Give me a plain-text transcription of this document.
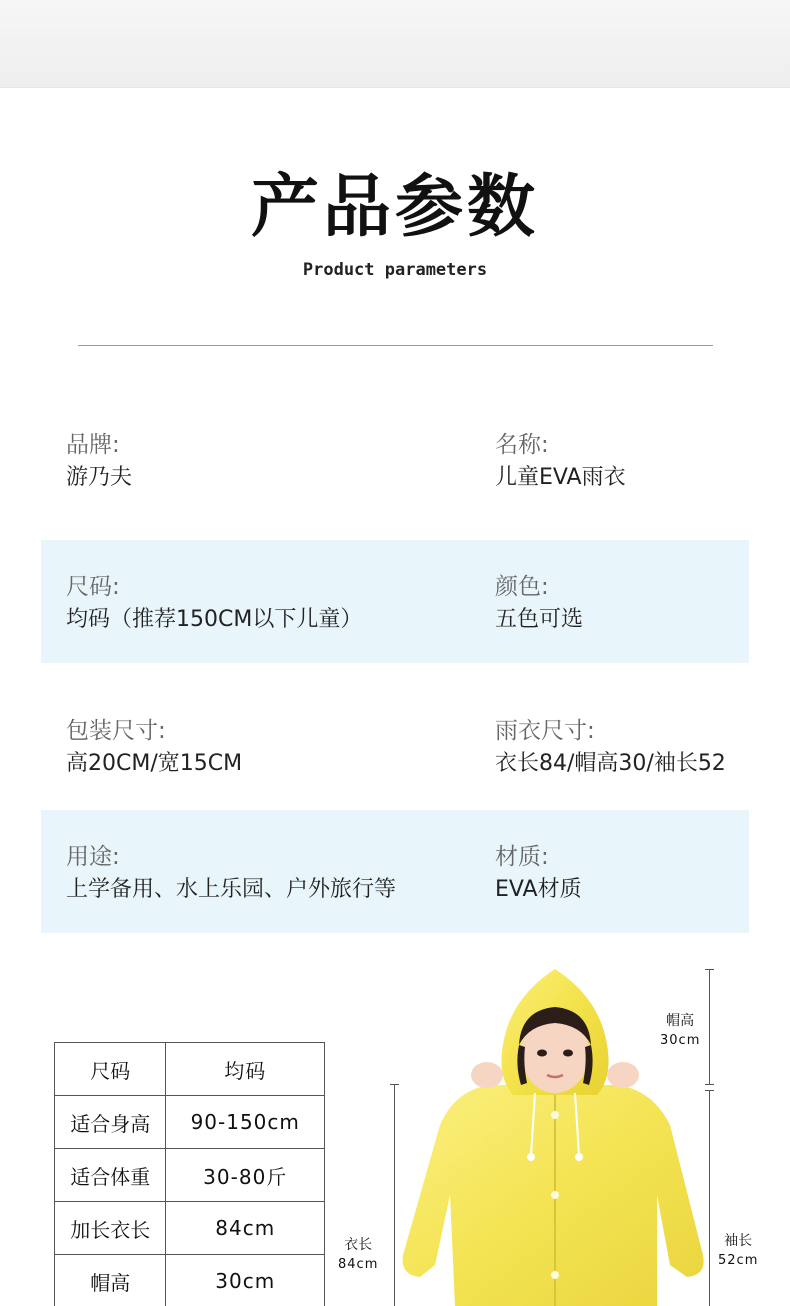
产品参数
Product parameters
品牌:
游乃夫
名称:
儿童EVA雨衣
尺码:
均码（推荐150CM以下儿童）
颜色:
五色可选
包装尺寸:
高20CM/宽15CM
雨衣尺寸:
衣长84/帽高30/袖长52
用途:
上学备用、水上乐园、户外旅行等
材质:
EVA材质
尺码	均码
适合身高	90-150cm
适合体重	30-80斤
加长衣长	84cm
帽高	30cm
帽高
30cm
衣长
84cm
袖长
52cm
